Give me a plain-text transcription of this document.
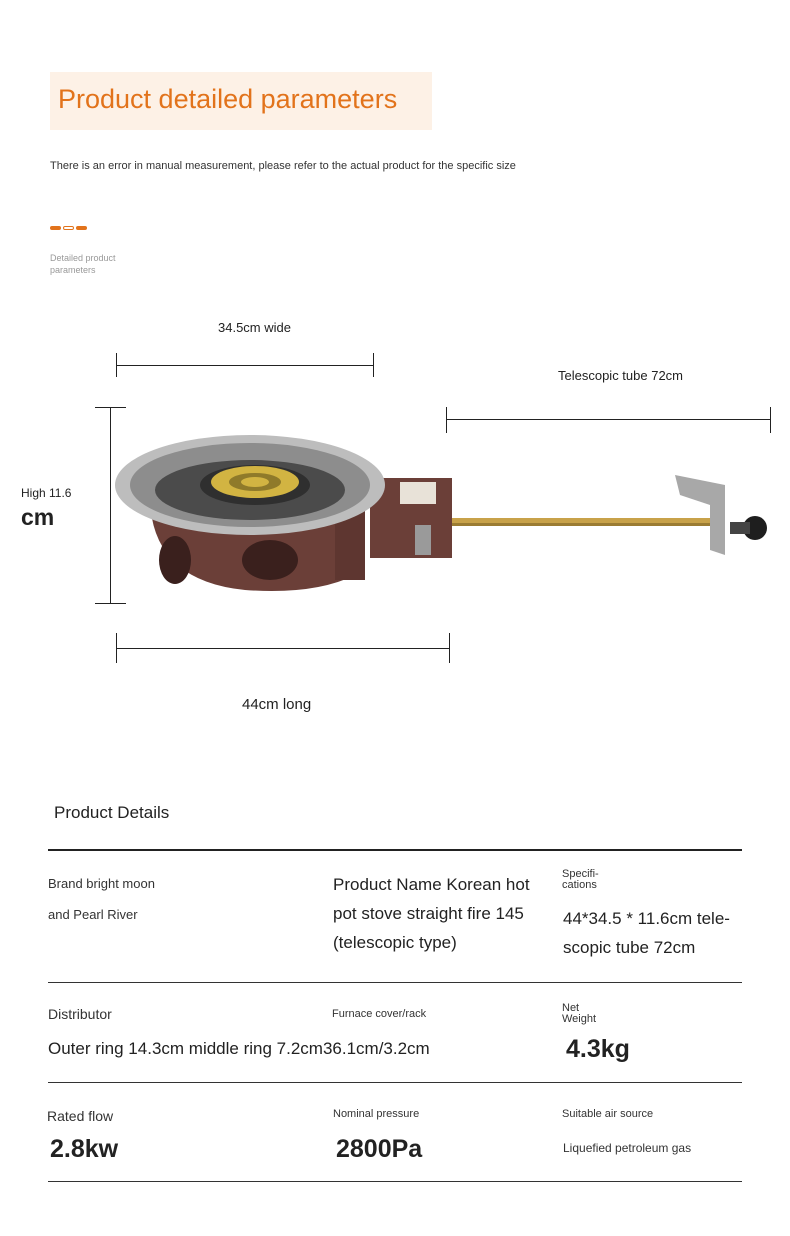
Product detailed parameters
There is an error in manual measurement, please refer to the actual product for the specific size
Detailed product parameters
34.5cm wide
Telescopic tube 72cm
High 11.6
cm
44cm long
Product Details
Brand bright moon
and Pearl River
Product Name Korean hot pot stove straight fire 145 (telescopic type)
Specifi-cations
44*34.5 * 11.6cm tele-scopic tube 72cm
Distributor
Outer ring 14.3cm middle ring 7.2cm36.1cm/3.2cm
Furnace cover/rack	Net Weight
4.3kg
Rated flow
2.8kw
Nominal pressure
2800Pa
Suitable air source
Liquefied petroleum gas
